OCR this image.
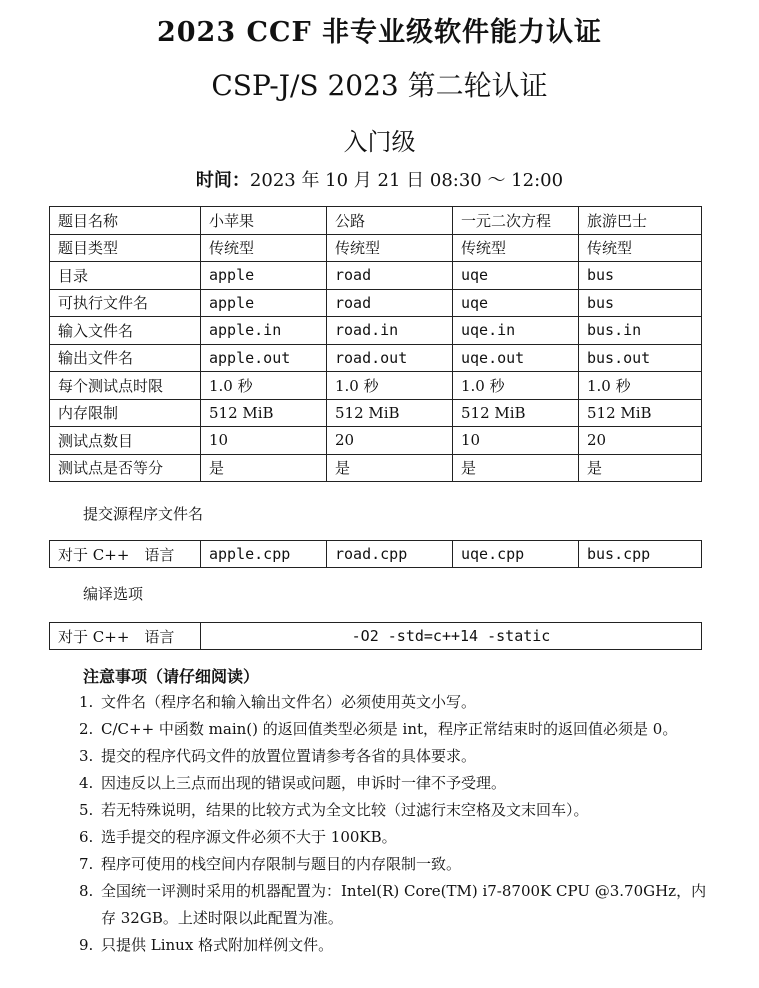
2023 CCF 非专业级软件能力认证
CSP-J/S 2023 第二轮认证
入门级
时间：2023 年 10 月 21 日 08:30 ～ 12:00
题目名称	小苹果	公路	一元二次方程	旅游巴士
题目类型	传统型	传统型	传统型	传统型
目录	apple	road	uqe	bus
可执行文件名	apple	road	uqe	bus
输入文件名	apple.in	road.in	uqe.in	bus.in
输出文件名	apple.out	road.out	uqe.out	bus.out
每个测试点时限	1.0 秒	1.0 秒	1.0 秒	1.0 秒
内存限制	512 MiB	512 MiB	512 MiB	512 MiB
测试点数目	10	20	10	20
测试点是否等分	是	是	是	是
提交源程序文件名
对于 C++　语言	apple.cpp	road.cpp	uqe.cpp	bus.cpp
编译选项
对于 C++　语言	-O2 -std=c++14 -static
注意事项（请仔细阅读）
1. 文件名（程序名和输入输出文件名）必须使用英文小写。
2. C/C++ 中函数 main() 的返回值类型必须是 int，程序正常结束时的返回值必须是 0。
3. 提交的程序代码文件的放置位置请参考各省的具体要求。
4. 因违反以上三点而出现的错误或问题，申诉时一律不予受理。
5. 若无特殊说明，结果的比较方式为全文比较（过滤行末空格及文末回车）。
6. 选手提交的程序源文件必须不大于 100KB。
7. 程序可使用的栈空间内存限制与题目的内存限制一致。
8. 全国统一评测时采用的机器配置为：Intel(R) Core(TM) i7-8700K CPU @3.70GHz，内存 32GB。上述时限以此配置为准。
9. 只提供 Linux 格式附加样例文件。
